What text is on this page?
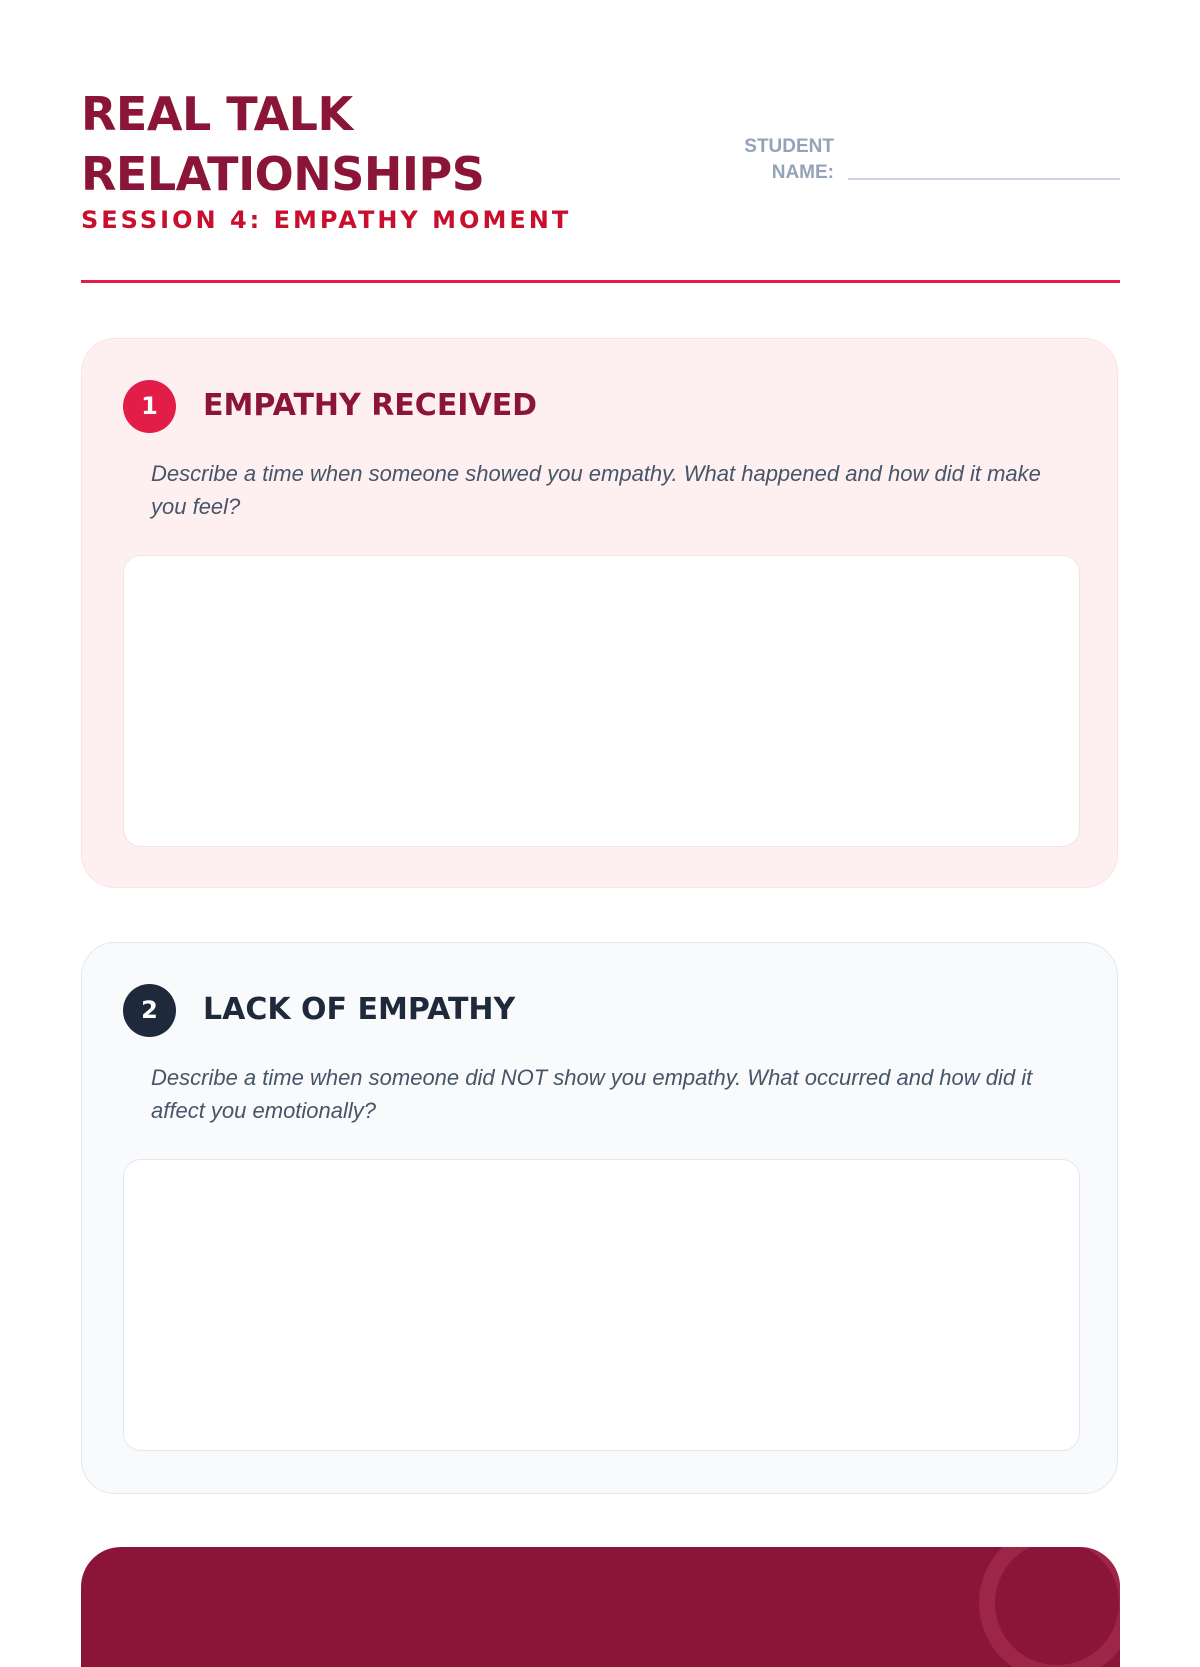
REAL TALK
RELATIONSHIPS
SESSION 4: EMPATHY MOMENT
STUDENT
NAME:
1	EMPATHY RECEIVED
Describe a time when someone showed you empathy. What happened and how did it make you feel?
2	LACK OF EMPATHY
Describe a time when someone did NOT show you empathy. What occurred and how did it affect you emotionally?
